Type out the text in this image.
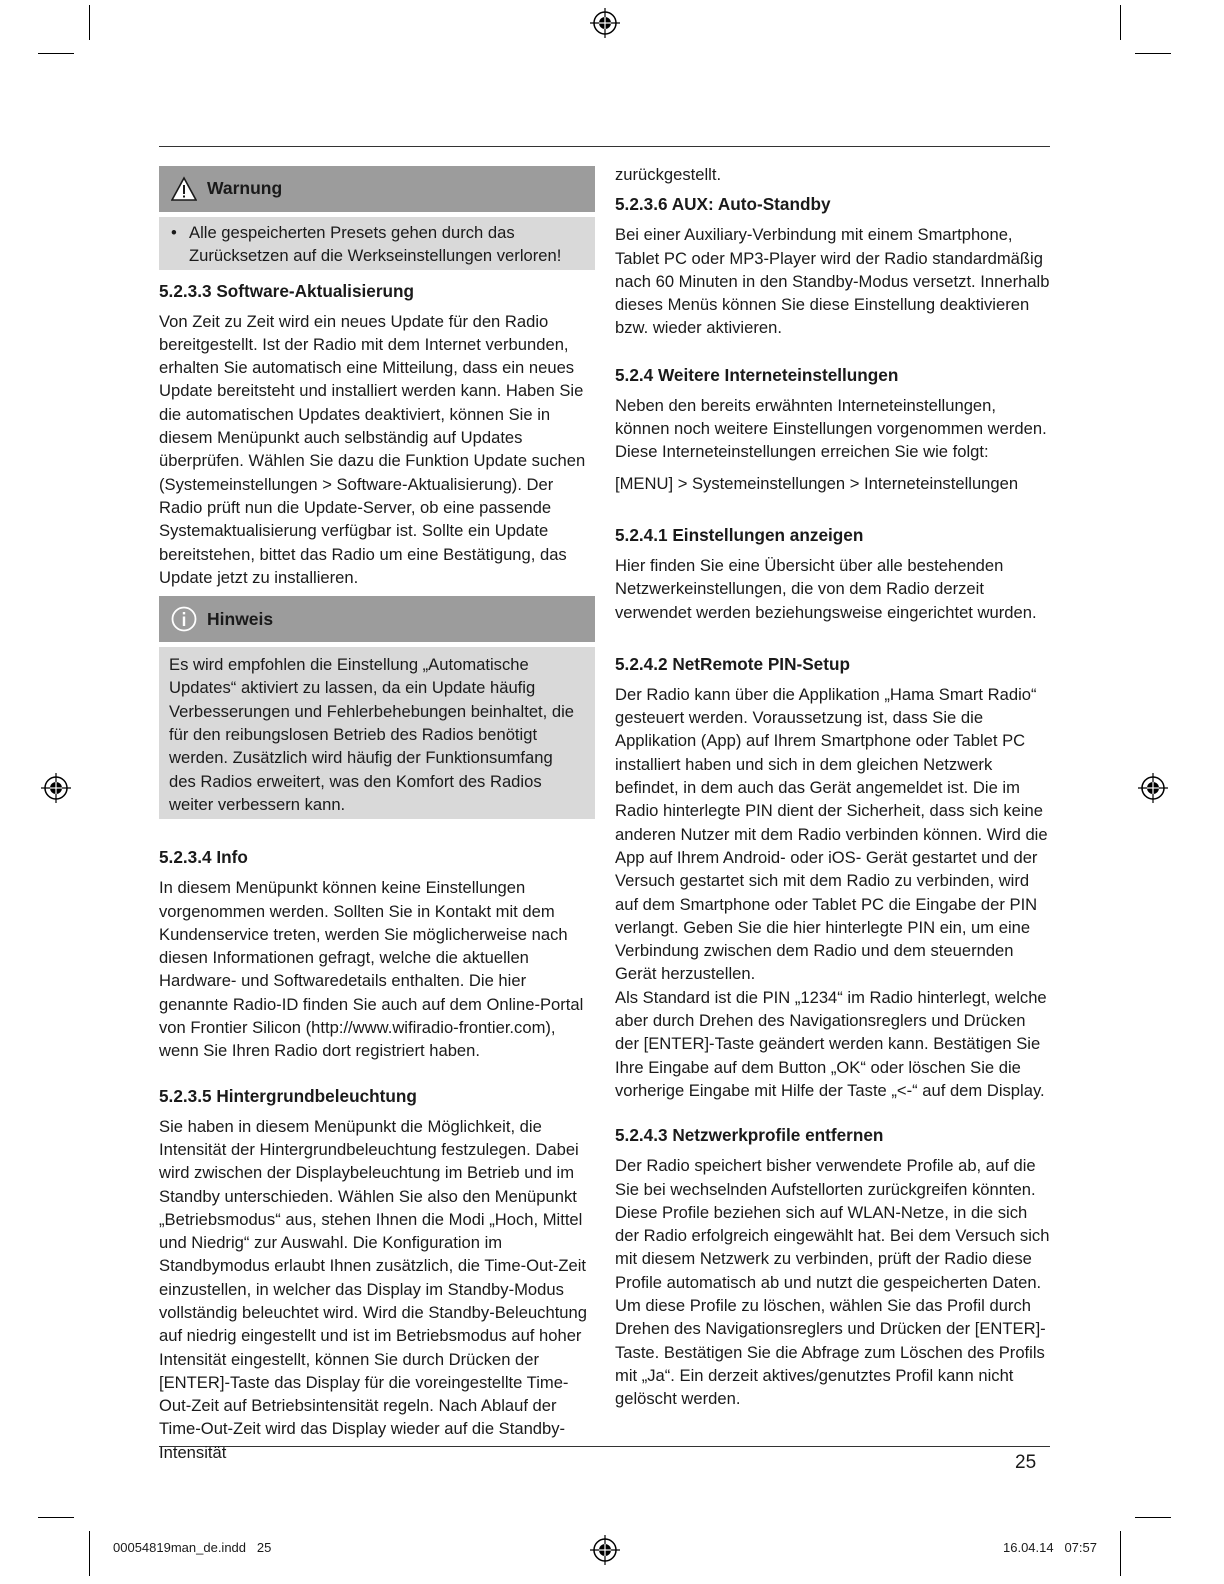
Warnung
• Alle gespeicherten Presets gehen durch das Zurücksetzen auf die Werkseinstellungen verloren!
5.2.3.3 Software-Aktualisierung

Von Zeit zu Zeit wird ein neues Update für den Radio bereitgestellt. Ist der Radio mit dem Internet verbunden, erhalten Sie automatisch eine Mitteilung, dass ein neues Update bereitsteht und installiert werden kann. Haben Sie die automatischen Updates deaktiviert, können Sie in diesem Menüpunkt auch selbständig auf Updates überprüfen. Wählen Sie dazu die Funktion Update suchen (Systemeinstellungen > Software-Aktualisierung). Der Radio prüft nun die Update-Server, ob eine passende Systemaktualisierung verfügbar ist. Sollte ein Update bereitstehen, bittet das Radio um eine Bestätigung, das Update jetzt zu installieren.

Hinweis

Es wird empfohlen die Einstellung „Automatische Updates“ aktiviert zu lassen, da ein Update häufig Verbesserungen und Fehlerbehebungen beinhaltet, die für den reibungslosen Betrieb des Radios benötigt werden. Zusätzlich wird häufig der Funktionsumfang des Radios erweitert, was den Komfort des Radios weiter verbessern kann.

5.2.3.4 Info

In diesem Menüpunkt können keine Einstellungen vorgenommen werden. Sollten Sie in Kontakt mit dem Kundenservice treten, werden Sie möglicherweise nach diesen Informationen gefragt, welche die aktuellen Hardware- und Softwaredetails enthalten. Die hier genannte Radio-ID finden Sie auch auf dem Online-Portal von Frontier Silicon (http://www.wifiradio-frontier.com), wenn Sie Ihren Radio dort registriert haben.

5.2.3.5 Hintergrundbeleuchtung

Sie haben in diesem Menüpunkt die Möglichkeit, die Intensität der Hintergrundbeleuchtung festzulegen. Dabei wird zwischen der Displaybeleuchtung im Betrieb und im Standby unterschieden. Wählen Sie also den Menüpunkt „Betriebsmodus“ aus, stehen Ihnen die Modi „Hoch, Mittel und Niedrig“ zur Auswahl. Die Konfiguration im Standbymodus erlaubt Ihnen zusätzlich, die Time-Out-Zeit einzustellen, in welcher das Display im Standby-Modus vollständig beleuchtet wird. Wird die Standby-Beleuchtung auf niedrig eingestellt und ist im Betriebsmodus auf hoher Intensität eingestellt, können Sie durch Drücken der [ENTER]-Taste das Display für die voreingestellte Time-Out-Zeit auf Betriebsintensität regeln. Nach Ablauf der Time-Out-Zeit wird das Display wieder auf die Standby-Intensität

zurückgestellt.

5.2.3.6 AUX: Auto-Standby

Bei einer Auxiliary-Verbindung mit einem Smartphone, Tablet PC oder MP3-Player wird der Radio standardmäßig nach 60 Minuten in den Standby-Modus versetzt. Innerhalb dieses Menüs können Sie diese Einstellung deaktivieren bzw. wieder aktivieren.

5.2.4 Weitere Interneteinstellungen

Neben den bereits erwähnten Interneteinstellungen, können noch weitere Einstellungen vorgenommen werden. Diese Interneteinstellungen erreichen Sie wie folgt:

[MENU] > Systemeinstellungen > Interneteinstellungen

5.2.4.1 Einstellungen anzeigen

Hier finden Sie eine Übersicht über alle bestehenden Netzwerkeinstellungen, die von dem Radio derzeit verwendet werden beziehungsweise eingerichtet wurden.

5.2.4.2 NetRemote PIN-Setup

Der Radio kann über die Applikation „Hama Smart Radio“ gesteuert werden. Voraussetzung ist, dass Sie die Applikation (App) auf Ihrem Smartphone oder Tablet PC installiert haben und sich in dem gleichen Netzwerk befindet, in dem auch das Gerät angemeldet ist. Die im Radio hinterlegte PIN dient der Sicherheit, dass sich keine anderen Nutzer mit dem Radio verbinden können. Wird die App auf Ihrem Android- oder iOS- Gerät gestartet und der Versuch gestartet sich mit dem Radio zu verbinden, wird auf dem Smartphone oder Tablet PC die Eingabe der PIN verlangt. Geben Sie die hier hinterlegte PIN ein, um eine Verbindung zwischen dem Radio und dem steuernden Gerät herzustellen.

Als Standard ist die PIN „1234“ im Radio hinterlegt, welche aber durch Drehen des Navigationsreglers und Drücken der [ENTER]-Taste geändert werden kann. Bestätigen Sie Ihre Eingabe auf dem Button „OK“ oder löschen Sie die vorherige Eingabe mit Hilfe der Taste „<-“ auf dem Display.

5.2.4.3 Netzwerkprofile entfernen

Der Radio speichert bisher verwendete Profile ab, auf die Sie bei wechselnden Aufstellorten zurückgreifen könnten. Diese Profile beziehen sich auf WLAN-Netze, in die sich der Radio erfolgreich eingewählt hat. Bei dem Versuch sich mit diesem Netzwerk zu verbinden, prüft der Radio diese Profile automatisch ab und nutzt die gespeicherten Daten. Um diese Profile zu löschen, wählen Sie das Profil durch Drehen des Navigationsreglers und Drücken der [ENTER]-Taste. Bestätigen Sie die Abfrage zum Löschen des Profils mit „Ja“. Ein derzeit aktives/genutztes Profil kann nicht gelöscht werden.

25
00054819man_de.indd   25	16.04.14   07:57
